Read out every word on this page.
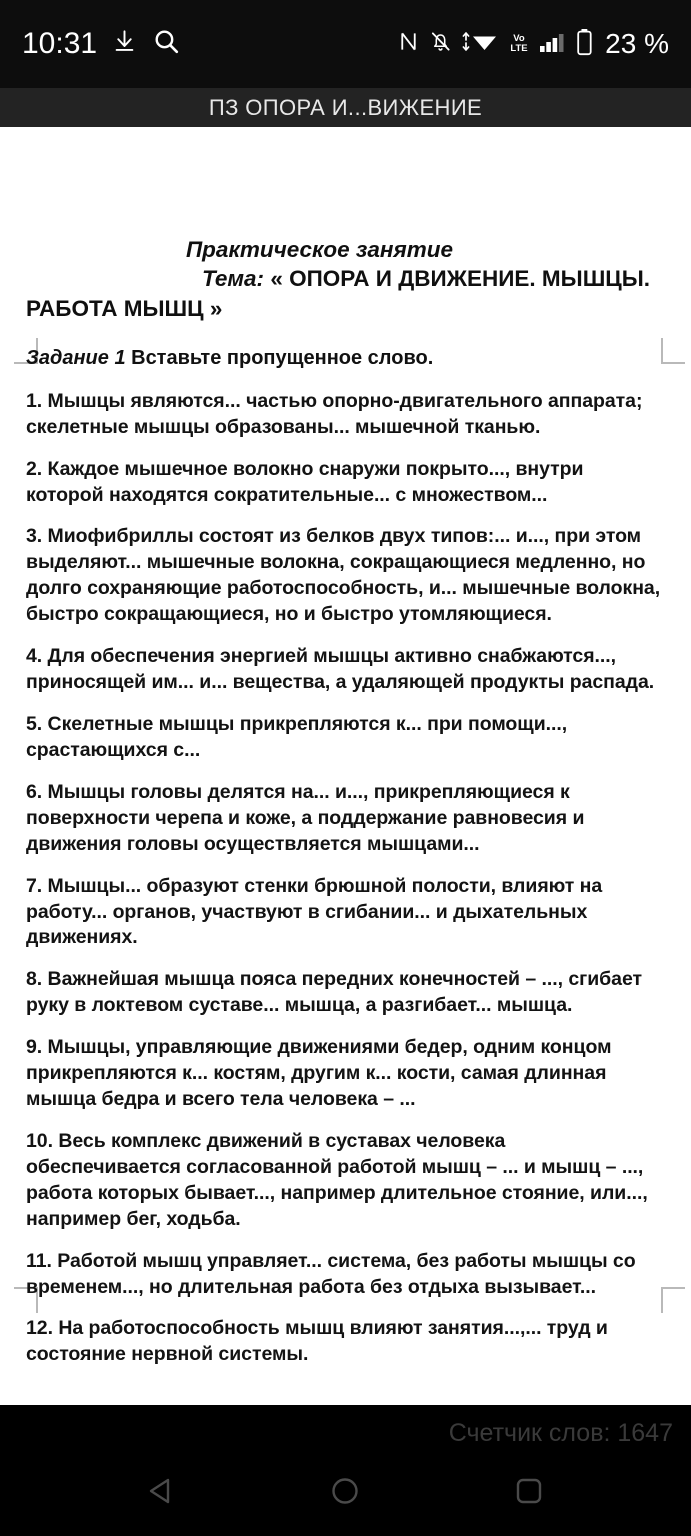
10:31	Vo
LTE	23 %
ПЗ ОПОРА И...ВИЖЕНИЕ
Практическое занятие
Тема: « ОПОРА И ДВИЖЕНИЕ. МЫШЦЫ.
РАБОТА МЫШЦ »

Задание 1 Вставьте пропущенное слово.

1. Мышцы являются... частью опорно-двигательного аппарата; скелетные мышцы образованы... мышечной тканью.

2. Каждое мышечное волокно снаружи покрыто..., внутри которой находятся сократительные... с множеством...

3. Миофибриллы состоят из белков двух типов:... и..., при этом выделяют... мышечные волокна, сокращающиеся медленно, но долго сохраняющие работоспособность, и... мышечные волокна, быстро сокращающиеся, но и быстро утомляющиеся.

4. Для обеспечения энергией мышцы активно снабжаются..., приносящей им... и... вещества, а удаляющей продукты распада.

5. Скелетные мышцы прикрепляются к... при помощи..., срастающихся с...

6. Мышцы головы делятся на... и..., прикрепляющиеся к поверхности черепа и коже, а поддержание равновесия и движения головы осуществляется мышцами...

7. Мышцы... образуют стенки брюшной полости, влияют на работу... органов, участвуют в сгибании... и дыхательных движениях.

8. Важнейшая мышца пояса передних конечностей – ..., сгибает руку в локтевом суставе... мышца, а разгибает... мышца.

9. Мышцы, управляющие движениями бедер, одним концом прикрепляются к... костям, другим к... кости, самая длинная мышца бедра и всего тела человека – ...

10. Весь комплекс движений в суставах человека обеспечивается согласованной работой мышц – ... и мышц – ..., работа которых бывает..., например длительное стояние, или..., например бег, ходьба.

11. Работой мышц управляет... система, без работы мышцы со временем..., но длительная работа без отдыха вызывает...

12. На работоспособность мышц влияют занятия...,... труд и состояние нервной системы.

Счетчик слов: 1647
